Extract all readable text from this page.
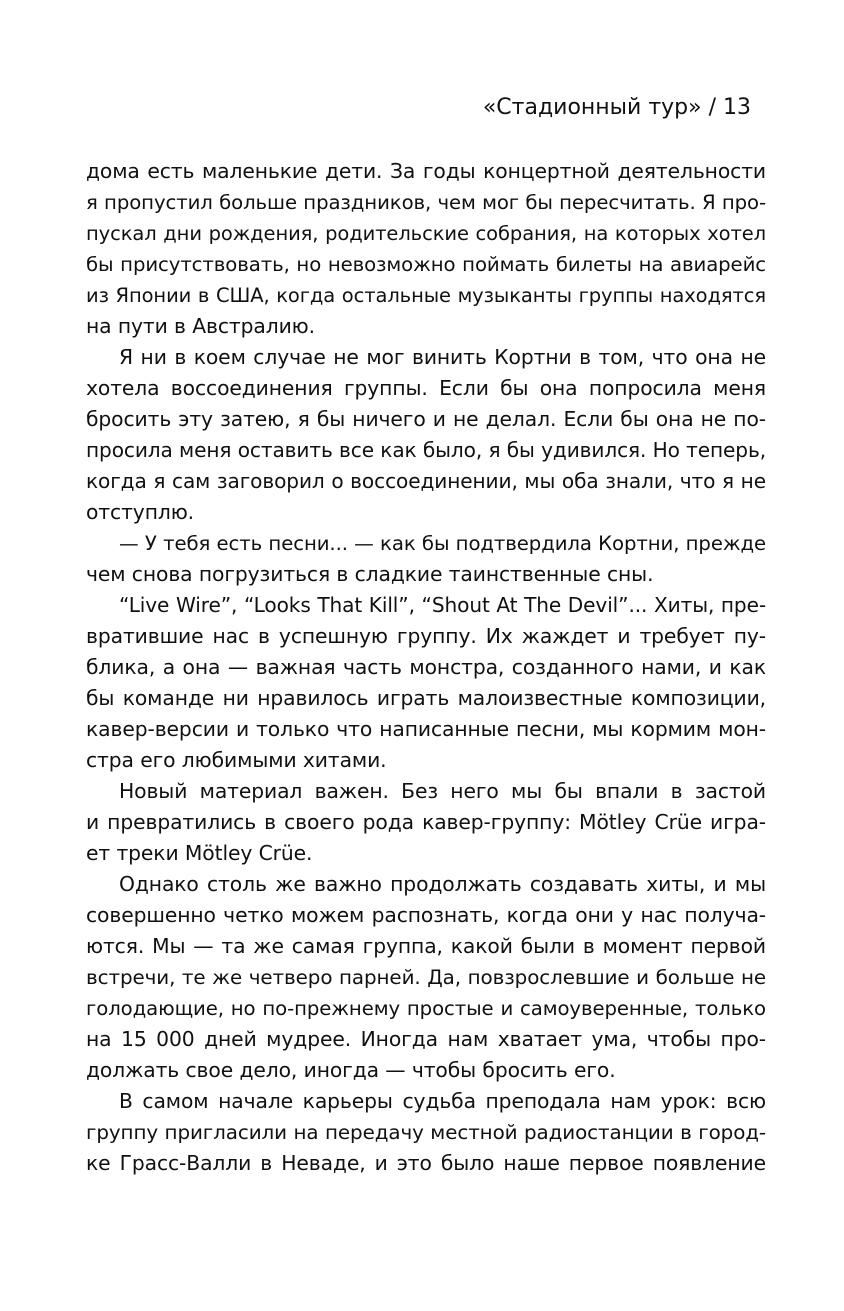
«Стадионный тур» / 13
дома есть маленькие дети. За годы концертной деятельности
я пропустил больше праздников, чем мог бы пересчитать. Я про-
пускал дни рождения, родительские собрания, на которых хотел
бы присутствовать, но невозможно поймать билеты на авиарейс
из Японии в США, когда остальные музыканты группы находятся
на пути в Австралию.
Я ни в коем случае не мог винить Кортни в том, что она не
хотела воссоединения группы. Если бы она попросила меня
бросить эту затею, я бы ничего и не делал. Если бы она не по-
просила меня оставить все как было, я бы удивился. Но теперь,
когда я сам заговорил о воссоединении, мы оба знали, что я не
отступлю.
— У тебя есть песни... — как бы подтвердила Кортни, прежде
чем снова погрузиться в сладкие таинственные сны.
“Live Wire”, “Looks That Kill”, “Shout At The Devil”... Хиты, пре-
вратившие нас в успешную группу. Их жаждет и требует пу-
блика, а она — важная часть монстра, созданного нами, и как
бы команде ни нравилось играть малоизвестные композиции,
кавер-версии и только что написанные песни, мы кормим мон-
стра его любимыми хитами.
Новый материал важен. Без него мы бы впали в застой
и превратились в своего рода кавер-группу: Mötley Crüe игра-
ет треки Mötley Crüe.
Однако столь же важно продолжать создавать хиты, и мы
совершенно четко можем распознать, когда они у нас получа-
ются. Мы — та же самая группа, какой были в момент первой
встречи, те же четверо парней. Да, повзрослевшие и больше не
голодающие, но по-прежнему простые и самоуверенные, только
на 15 000 дней мудрее. Иногда нам хватает ума, чтобы про-
должать свое дело, иногда — чтобы бросить его.
В самом начале карьеры судьба преподала нам урок: всю
группу пригласили на передачу местной радиостанции в город-
ке Грасс-Валли в Неваде, и это было наше первое появление
